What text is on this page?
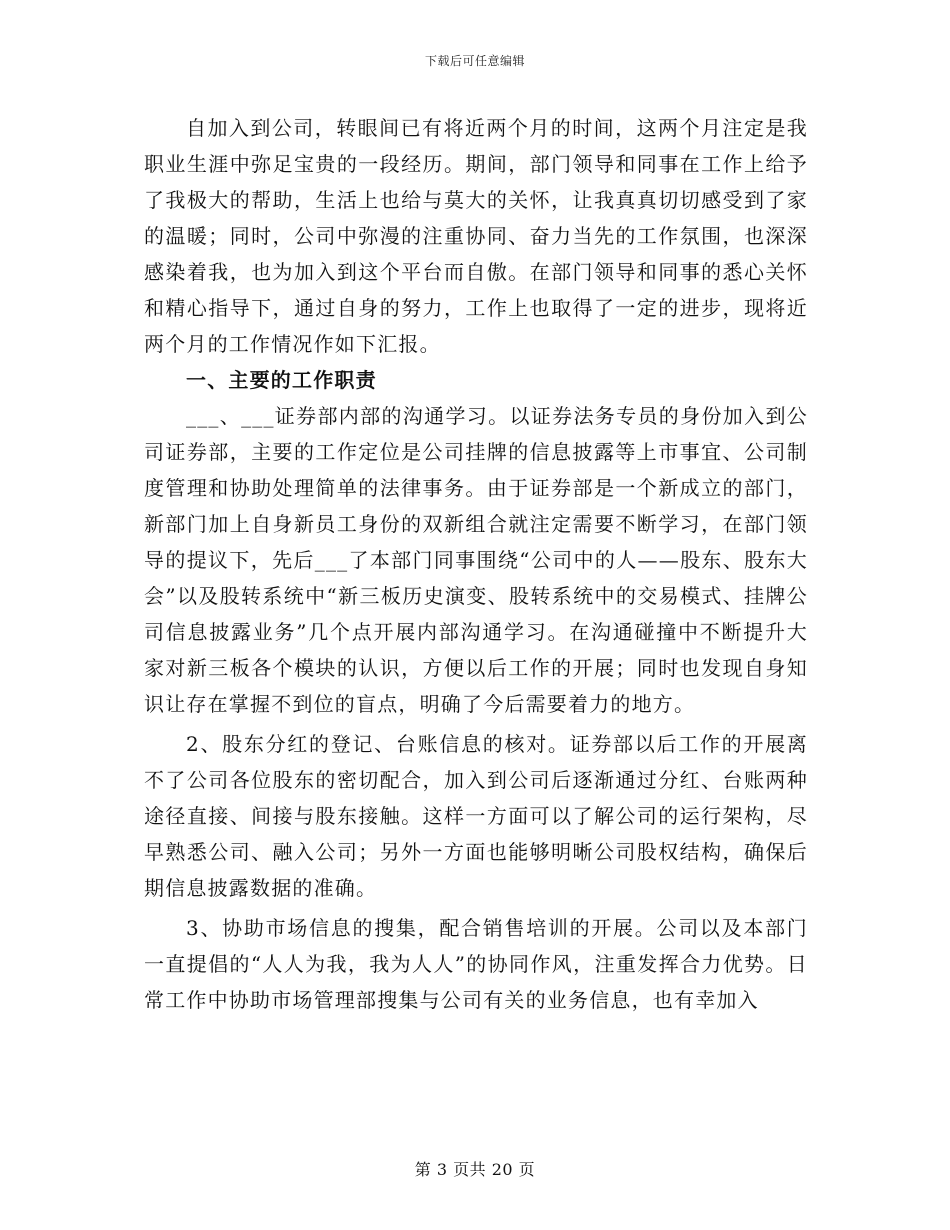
下载后可任意编辑

自加入到公司，转眼间已有将近两个月的时间，这两个月注定是我职业生涯中弥足宝贵的一段经历。期间，部门领导和同事在工作上给予了我极大的帮助，生活上也给与莫大的关怀，让我真真切切感受到了家的温暖；同时，公司中弥漫的注重协同、奋力当先的工作氛围，也深深感染着我，也为加入到这个平台而自傲。在部门领导和同事的悉心关怀和精心指导下，通过自身的努力，工作上也取得了一定的进步，现将近两个月的工作情况作如下汇报。

一、主要的工作职责

___、___证券部内部的沟通学习。以证券法务专员的身份加入到公司证券部，主要的工作定位是公司挂牌的信息披露等上市事宜、公司制度管理和协助处理简单的法律事务。由于证券部是一个新成立的部门，新部门加上自身新员工身份的双新组合就注定需要不断学习，在部门领导的提议下，先后___了本部门同事围绕“公司中的人——股东、股东大会”以及股转系统中“新三板历史演变、股转系统中的交易模式、挂牌公司信息披露业务”几个点开展内部沟通学习。在沟通碰撞中不断提升大家对新三板各个模块的认识，方便以后工作的开展；同时也发现自身知识让存在掌握不到位的盲点，明确了今后需要着力的地方。

2、股东分红的登记、台账信息的核对。证券部以后工作的开展离不了公司各位股东的密切配合，加入到公司后逐渐通过分红、台账两种途径直接、间接与股东接触。这样一方面可以了解公司的运行架构，尽早熟悉公司、融入公司；另外一方面也能够明晰公司股权结构，确保后期信息披露数据的准确。

3、协助市场信息的搜集，配合销售培训的开展。公司以及本部门一直提倡的“人人为我，我为人人”的协同作风，注重发挥合力优势。日常工作中协助市场管理部搜集与公司有关的业务信息，也有幸加入

第 3 页共 20 页
